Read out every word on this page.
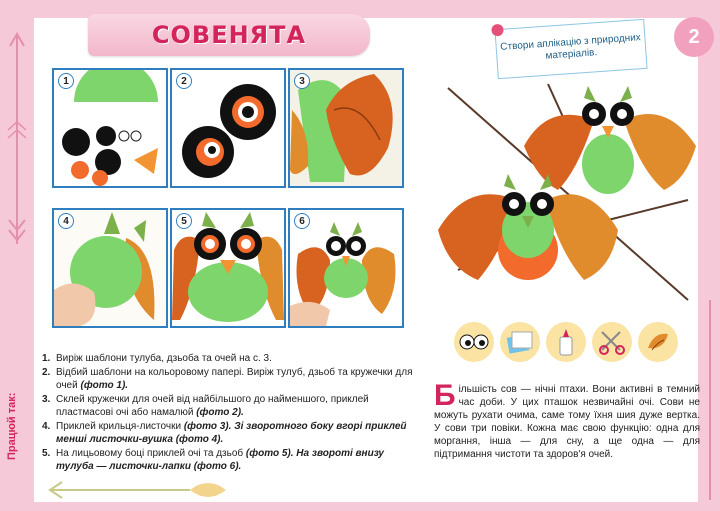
СОВЕНЯТА	Створи аплікацію з природних матеріалів.
2
1	2	3
4	5	6
Працюй так:
1. Виріж шаблони тулуба, дзьоба та очей на с. 3.
2. Відбий шаблони на кольоровому папері. Виріж тулуб, дзьоб та кружечки для очей (фото 1).
3. Склей кружечки для очей від найбільшого до найменшого, приклей пластмасові очі або намалюй (фото 2).
4. Приклей крильця-листочки (фото 3). Зі зворотного боку вгорі приклей менші листочки-вушка (фото 4).
5. На лицьовому боці приклей очі та дзьоб (фото 5). На звороті внизу тулуба — листочки-лапки (фото 6).
Більшість сов — нічні птахи. Вони активні в темний час доби. У цих пташок незвичайні очі. Сови не можуть рухати очима, саме тому їхня шия дуже вертка. У сови три повіки. Кожна має свою функцію: одна для моргання, інша — для сну, а ще одна — для підтримання чистоти та здоров'я очей.
